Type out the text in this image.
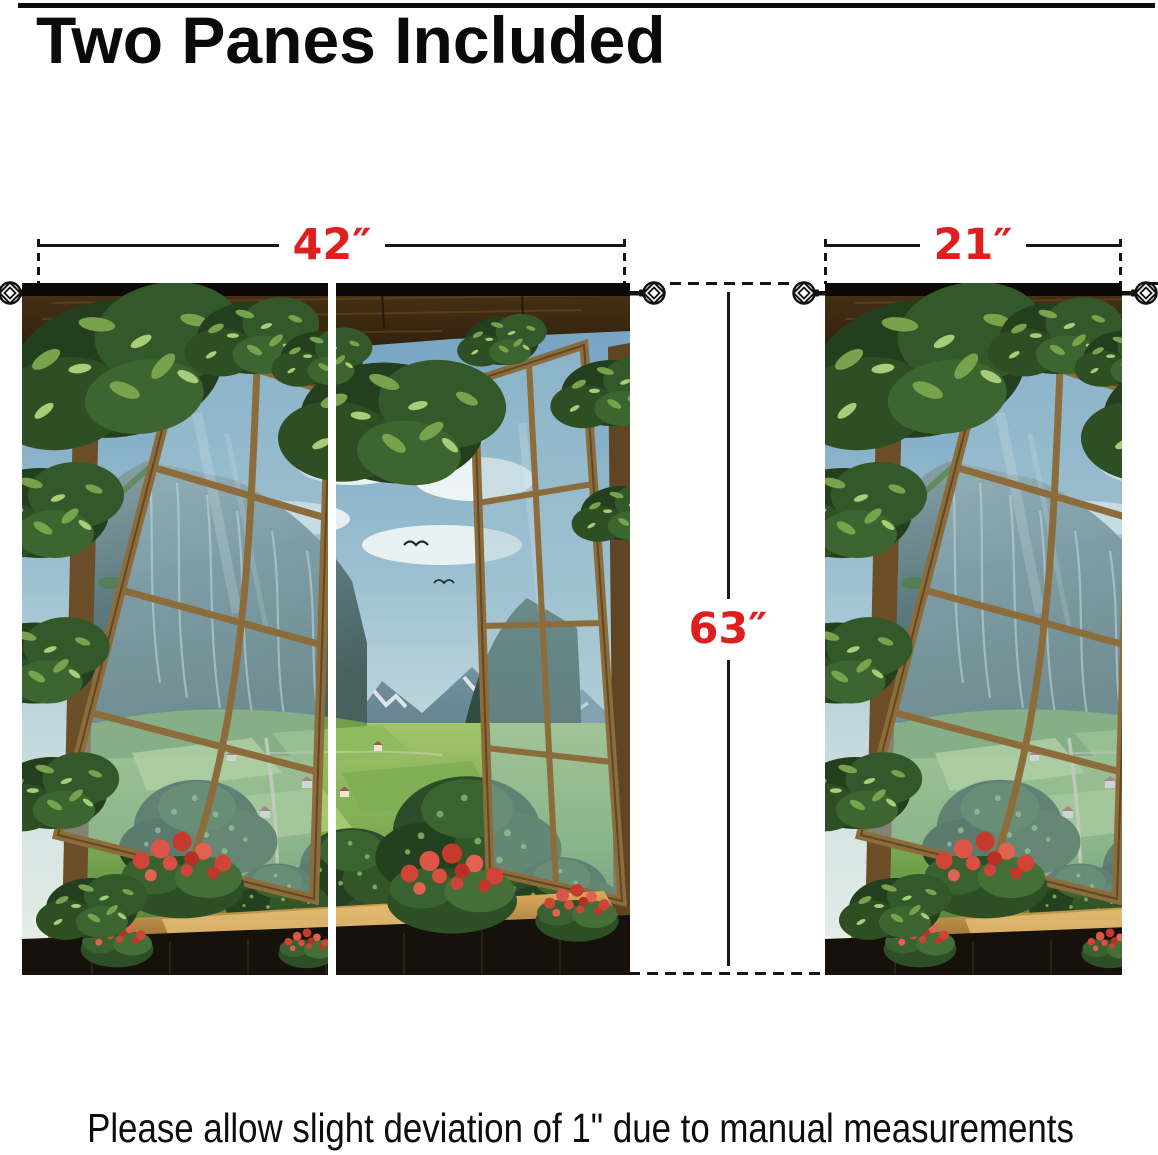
Two Panes Included
42″	21″
63″
Please allow slight deviation of 1" due to manual measurements
